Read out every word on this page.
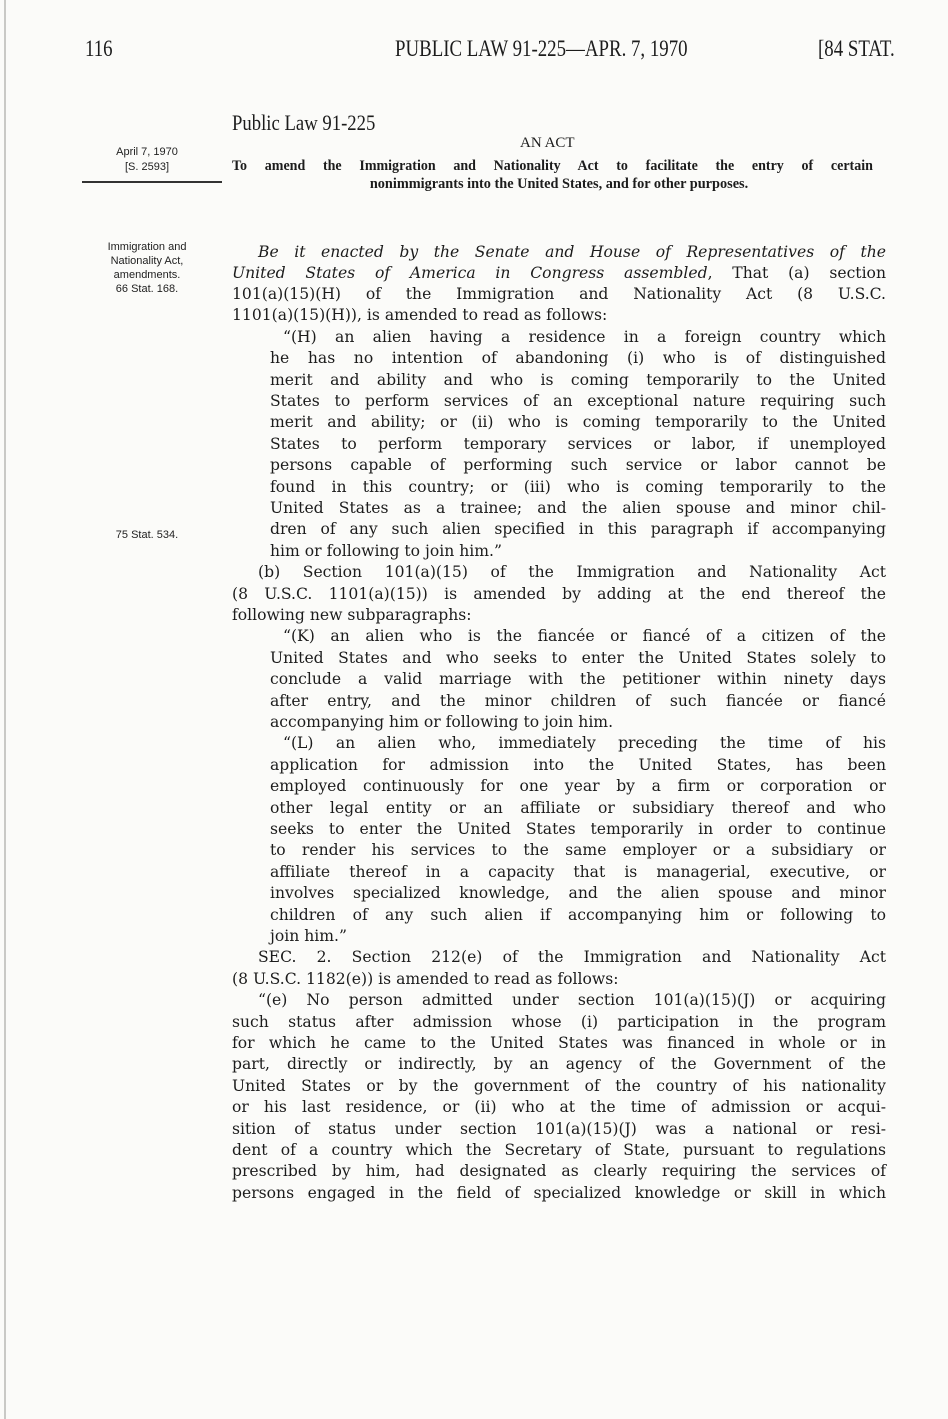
116	PUBLIC LAW 91-225—APR. 7, 1970	[84 STAT.
Public Law 91-225
AN ACT
To amend the Immigration and Nationality Act to facilitate the entry of certain
nonimmigrants into the United States, and for other purposes.
April 7, 1970
[S. 2593]
Immigration and
Nationality Act,
amendments.
66 Stat. 168.
75 Stat. 534.
Be it enacted by the Senate and House of Representatives of the
United States of America in Congress assembled, That (a) section
101(a)(15)(H) of the Immigration and Nationality Act (8 U.S.C.
1101(a)(15)(H)), is amended to read as follows:
“(H) an alien having a residence in a foreign country which
he has no intention of abandoning (i) who is of distinguished
merit and ability and who is coming temporarily to the United
States to perform services of an exceptional nature requiring such
merit and ability; or (ii) who is coming temporarily to the United
States to perform temporary services or labor, if unemployed
persons capable of performing such service or labor cannot be
found in this country; or (iii) who is coming temporarily to the
United States as a trainee; and the alien spouse and minor chil-
dren of any such alien specified in this paragraph if accompanying
him or following to join him.”
(b) Section 101(a)(15) of the Immigration and Nationality Act
(8 U.S.C. 1101(a)(15)) is amended by adding at the end thereof the
following new subparagraphs:
“(K) an alien who is the fiancée or fiancé of a citizen of the
United States and who seeks to enter the United States solely to
conclude a valid marriage with the petitioner within ninety days
after entry, and the minor children of such fiancée or fiancé
accompanying him or following to join him.
“(L) an alien who, immediately preceding the time of his
application for admission into the United States, has been
employed continuously for one year by a firm or corporation or
other legal entity or an affiliate or subsidiary thereof and who
seeks to enter the United States temporarily in order to continue
to render his services to the same employer or a subsidiary or
affiliate thereof in a capacity that is managerial, executive, or
involves specialized knowledge, and the alien spouse and minor
children of any such alien if accompanying him or following to
join him.”
SEC. 2. Section 212(e) of the Immigration and Nationality Act
(8 U.S.C. 1182(e)) is amended to read as follows:
“(e) No person admitted under section 101(a)(15)(J) or acquiring
such status after admission whose (i) participation in the program
for which he came to the United States was financed in whole or in
part, directly or indirectly, by an agency of the Government of the
United States or by the government of the country of his nationality
or his last residence, or (ii) who at the time of admission or acqui-
sition of status under section 101(a)(15)(J) was a national or resi-
dent of a country which the Secretary of State, pursuant to regulations
prescribed by him, had designated as clearly requiring the services of
persons engaged in the field of specialized knowledge or skill in which
